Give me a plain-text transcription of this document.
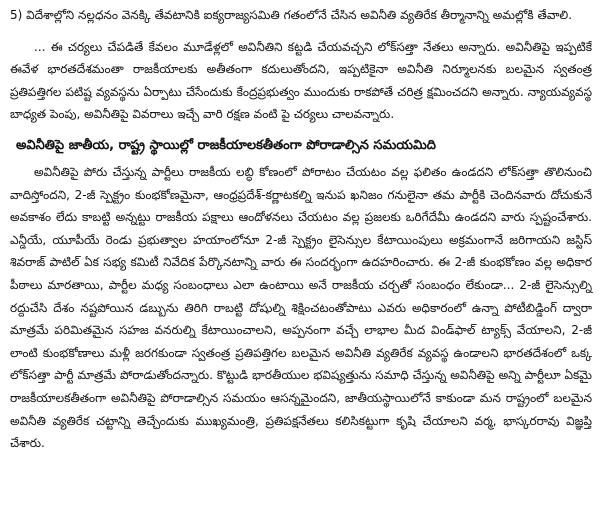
5) విదేశాల్లోని నల్లధనం వెనక్కి తేవటానికి ఐక్యరాజ్యసమితి గతంలోనే చేసిన అవినీతి వ్యతిరేక తీర్మానాన్ని అమల్లోకి తేవాలి.

... ఈ చర్యలు చేపడితే కేవలం మూడేళ్లలో అవినీతిని కట్టడి చేయవచ్చని లోక్‌సత్తా నేతలు అన్నారు. అవినీతిపై ఇప్పటికే ఈవేళ భారతదేశమంతా రాజకీయాలకు అతీతంగా కదులుతోందని, ఇప్పటికైనా అవినీతి నిర్మూలనకు బలమైన స్వతంత్ర ప్రతిపత్తిగల పటిష్ట వ్యవస్థను ఏర్పాటు చేసేందుకు కేంద్రప్రభుత్వం ముందుకు రాకపోతే చరిత్ర క్షమించదని అన్నారు. న్యాయవ్యవస్థ బాధ్యత పెంపు, అవినీతిపై వివరాలు ఇచ్చే వారి రక్షణ వంటి పై చర్యలు చాలవన్నారు.

అవినీతిపై జాతీయ, రాష్ట్ర స్థాయిల్లో రాజకీయాలకతీతంగా పోరాడాల్సిన సమయమిది

అవినీతిపై పోరు చేస్తున్న పార్టీలు రాజకీయ లబ్ధి కోణంలో పోరాటం చేయటం వల్ల ఫలితం ఉండదని లోక్‌సత్తా తొలినుంచి వాదిస్తోందని, 2-జీ స్పెక్ట్రం కుంభకోణమైనా, ఆంధ్రప్రదేశ్-కర్ణాటకల్ని ఇనుప ఖనిజం గనులైనా తమ పార్టీకి చెందినవారు దోచుకునే అవకాశం లేదు కాబట్టి అన్నట్టు రాజకీయ పక్షాలు ఆందోళనలు చేయటం వల్ల ప్రజలకు ఒరిగేదేమీ ఉండదని వారు స్పష్టంచేశారు. ఎన్డీయే, యూపీయే రెండు ప్రభుత్వాల హయాంలోనూ 2-జీ స్పెక్ట్రం లైసెన్సుల కేటాయింపులు అక్రమంగానే జరిగాయని జస్టిస్ శివరాజ్ పాటిల్ ఏక సభ్య కమిటీ నివేదిక పేర్కొనటాన్ని వారు ఈ సందర్భంగా ఉదహరించారు. ఈ 2-జీ కుంభకోణం వల్ల అధికార పీఠాలు మారతాయి, పార్టీల మధ్య సంబంధాలు ఎలా ఉంటాయి అనే రాజకీయ చర్చతో సంబంధం లేకుండా... 2-జీ లైసెన్సుల్ని రద్దుచేసి దేశం నష్టపోయిన డబ్బును తిరిగి రాబట్టి దోషుల్ని శిక్షించటంతోపాటు ఎవరు అధికారంలో ఉన్నా పోటీబిడ్డింగ్ ద్వారా మాత్రమే పరిమితమైన సహజ వనరుల్ని కేటాయించాలని, అప్పనంగా వచ్చే లాభాల మీద విండ్‌ఫాల్ ట్యాక్స్ వేయాలని, 2-జీ లాంటి కుంభకోణాలు మళ్లీ జరగకుండా స్వతంత్ర ప్రతిపత్తిగల బలమైన అవినీతి వ్యతిరేక వ్యవస్థ ఉండాలని భారతదేశంలో ఒక్క లోక్‌సత్తా పార్టీ మాత్రమే పోరాడుతోందన్నారు. కొట్టుడి భారతీయుల భవిష్యత్తును సమాధి చేస్తున్న అవినీతిపై అన్ని పార్టీలూ ఏకమై రాజకీయాలకతీతంగా అవినీతిపై పోరాడాల్సిన సమయం ఆసన్నమైందని, జాతీయస్థాయిలోనే కాకుండా మన రాష్ట్రంలో బలమైన అవినీతి వ్యతిరేక చట్టాన్ని తెచ్చేందుకు ముఖ్యమంత్రి, ప్రతిపక్షనేతలు కలిసికట్టుగా కృషి చేయాలని వర్మ, భాస్కరరావు విజ్ఞప్తి చేశారు.
